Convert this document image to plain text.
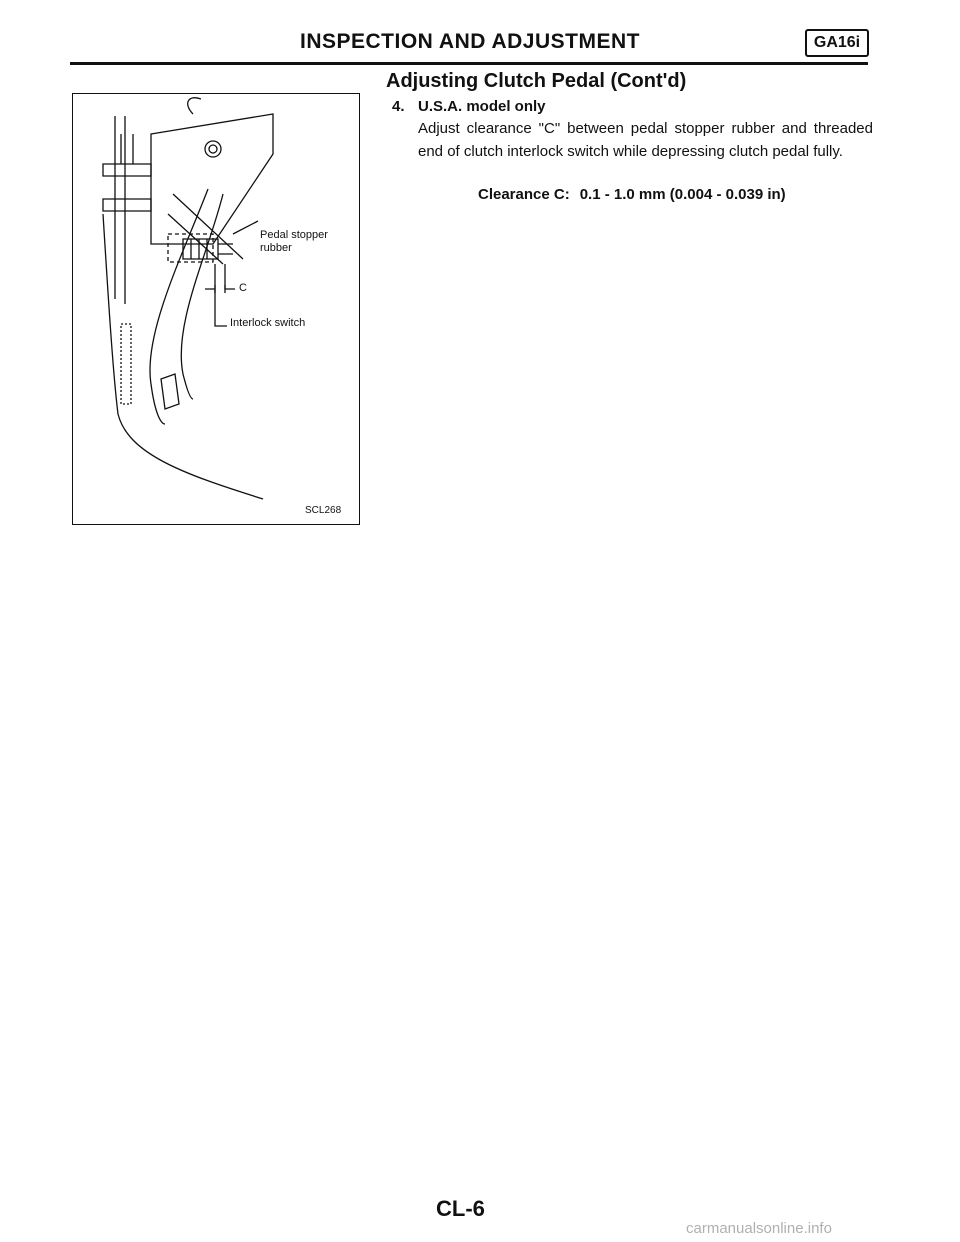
INSPECTION AND ADJUSTMENT	GA16i
Pedal stopper
rubber
C
Interlock switch
SCL268
Adjusting Clutch Pedal (Cont'd)
4. U.S.A. model only
Adjust clearance "C" between pedal stopper rubber and threaded end of clutch interlock switch while depressing clutch pedal fully.
Clearance C: 0.1 - 1.0 mm (0.004 - 0.039 in)
CL-6
carmanualsonline.info
